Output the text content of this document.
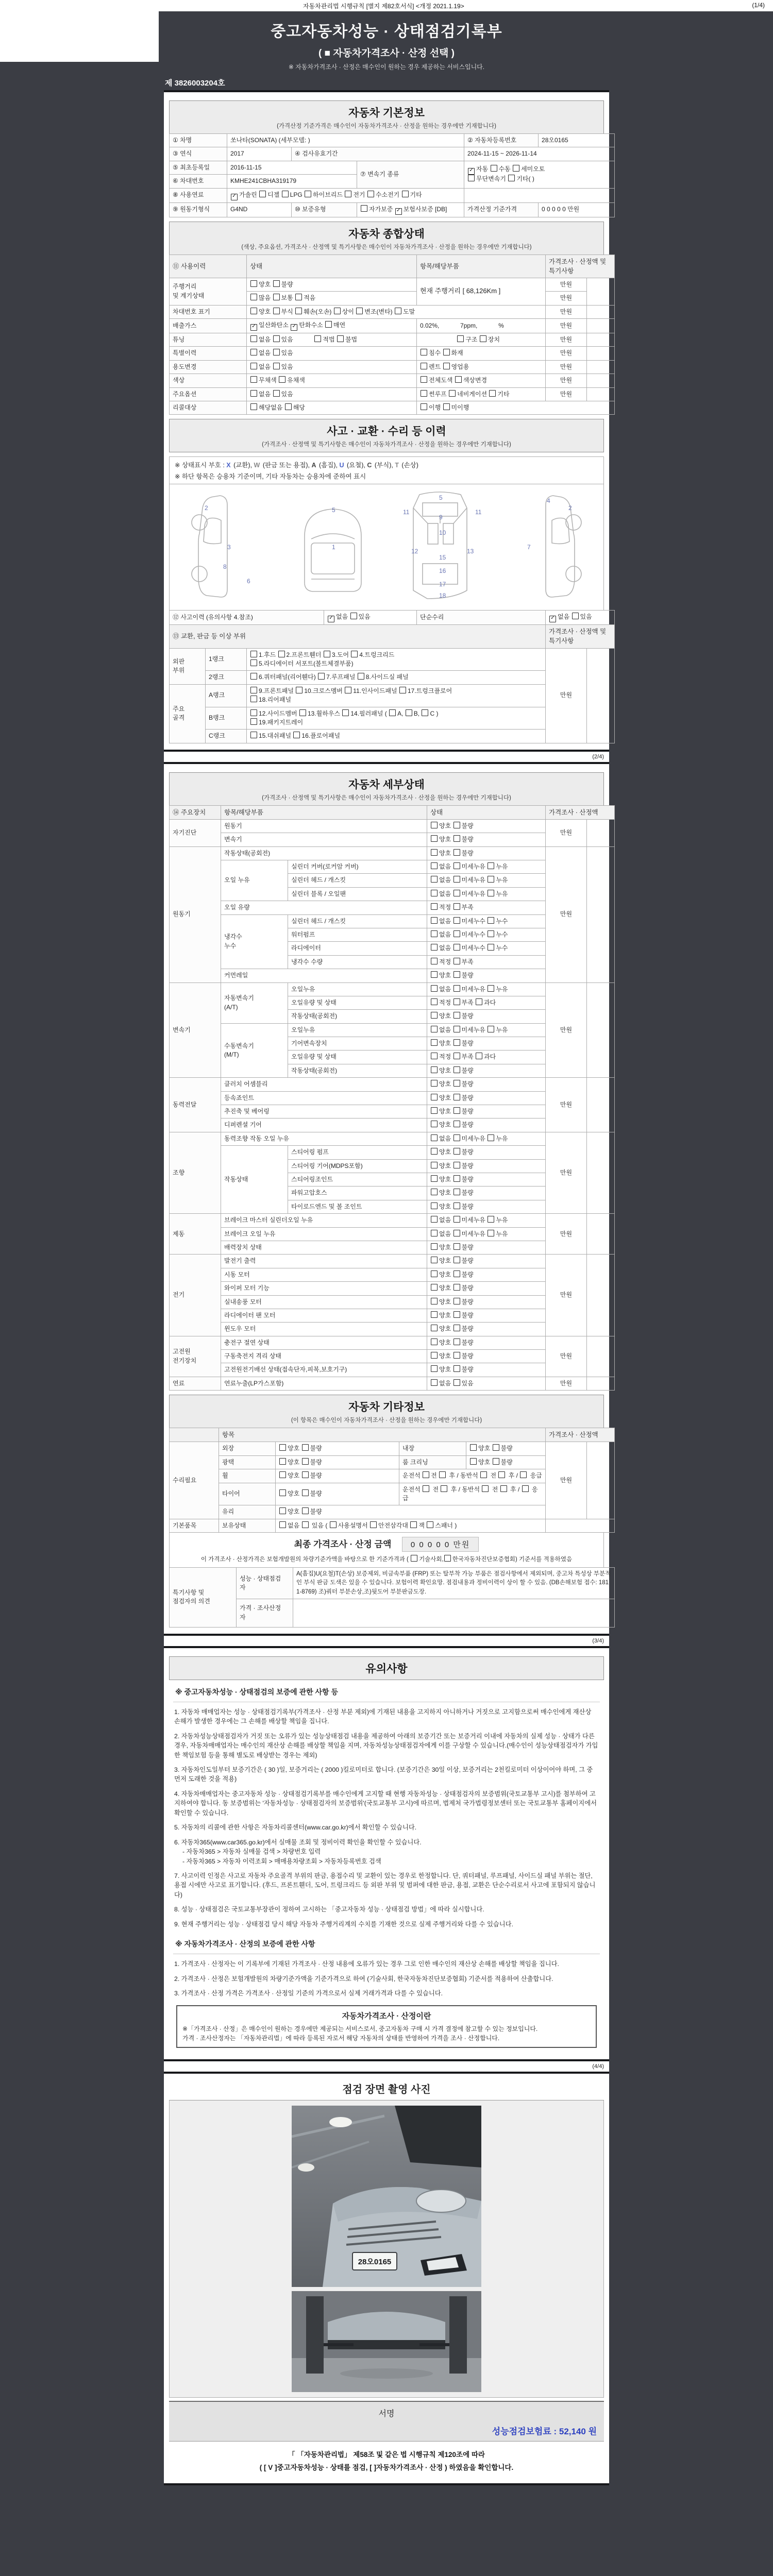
자동차관리법 시행규칙 [별지 제82호서식] <개정 2021.1.19>	(1/4)
중고자동차성능 · 상태점검기록부
( ■ 자동차가격조사 · 산정 선택 )
※ 자동차가격조사 · 산정은 매수인이 원하는 경우 제공하는 서비스입니다.
제 3826003204호
자동차 기본정보
(가격산정 기준가격은 매수인이 자동차가격조사 · 산정을 원하는 경우에만 기재합니다)
① 차명	쏘나타(SONATA) (세부모델: )			② 자동차등록번호	28오0165
③ 연식	2017	④ 검사유효기간		2024-11-15 ~ 2026-11-14	
⑤ 최초등록일	2016-11-15		⑦ 변속기 종류	✓자동 수동 세미오토
무단변속기 기타( )
⑥ 차대번호	KMHE241CBHA319179				
⑧ 사용연료	✓가솔린 디젤 LPG 하이브리드 전기 수소전기 기타	
⑨ 원동기형식	G4ND	⑩ 보증유형	자가보증 ✓보험사보증 [DB]	가격산정 기준가격	0 0 0 0 0 만원
자동차 종합상태
(색상, 주요옵션, 가격조사 · 산정액 및 특기사항은 매수인이 자동차가격조사 · 산정을 원하는 경우에만 기재합니다)
⑪ 사용이력	상태	항목/해당부품	가격조사 · 산정액 및 특기사항	
주행거리
및 계기상태	양호 불량	현재 주행거리 [ 68,126Km ]	만원	
	많음 보통 적음		만원	
차대번호 표기	양호 부식 훼손(오손) 상이 변조(변타) 도말		만원	
배출가스	✓일산화탄소 ✓탄화수소 매연	0.02%, 7ppm, %	만원	
튜닝	없음 있음 적법 불법	구조 장치	만원	
특별이력	없음 있음	침수 화재	만원	
용도변경	없음 있음	렌트 영업용	만원	
색상	무채색 유채색	전체도색 색상변경	만원	
주요옵션	없음 있음	썬루프 네비게이션 기타	만원	
리콜대상	해당없음 해당	이행 미이행		
사고 · 교환 · 수리 등 이력
(가격조사 · 산정액 및 특기사항은 매수인이 자동차가격조사 · 산정을 원하는 경우에만 기재합니다)
※ 상태표시 부호 : X (교환), W (판금 또는 용접), A (흠집), U (요철), C (부식), T (손상)
※ 하단 항목은 승용차 기준이며, 기타 자동차는 승용차에 준하여 표시
2
3
6
8
1
5	11	11
5
9
10
12	13
15
16
17
18
2
4
7
⑫ 사고이력 (유의사항 4.참조)	✓없음 있음	단순수리	✓없음 있음
⑬ 교환, 판금 등 이상 부위			가격조사 · 산정액 및 특기사항	
외판
부위	1랭크	1.후드 2.프론트휀더 3.도어 4.트렁크리드
5.라디에이터 서포트(볼트체결부품)	만원	
	2랭크	6.쿼터패널(리어휀다) 7.루프패널 8.사이드실 패널		
주요
골격	A랭크	9.프론트패널 10.크로스멤버 11.인사이드패널 17.트렁크플로어
18.리어패널		
	B랭크	12.사이드멤버 13.휠하우스 14.필러패널 ( A, B, C )
19.패키지트레이		
	C랭크	15.대쉬패널 16.플로어패널		
(2/4)
자동차 세부상태
(가격조사 · 산정액 및 특기사항은 매수인이 자동차가격조사 · 산정을 원하는 경우에만 기재합니다)
⑭ 주요장치	항목/해당부품		상태	가격조사 · 산정액	
자기진단	원동기		양호 불량	만원	
	변속기		양호 불량		
원동기	작동상태(공회전)		양호 불량	만원	
	오일 누유	실린더 커버(로커암 커버)	없음 미세누유 누유		
		실린더 헤드 / 개스킷	없음 미세누유 누유		
		실린더 블록 / 오일팬	없음 미세누유 누유		
	오일 유량		적정 부족		
	냉각수
누수	실린더 헤드 / 개스킷	없음 미세누수 누수		
		워터펌프	없음 미세누수 누수		
		라디에이터	없음 미세누수 누수		
		냉각수 수량	적정 부족		
	커먼레일		양호 불량		
변속기	자동변속기
(A/T)	오일누유	없음 미세누유 누유	만원	
		오일유량 및 상태	적정 부족 과다		
		작동상태(공회전)	양호 불량		
	수동변속기
(M/T)	오일누유	없음 미세누유 누유		
		기어변속장치	양호 불량		
		오일유량 및 상태	적정 부족 과다		
		작동상태(공회전)	양호 불량		
동력전달	클러치 어셈블리		양호 불량	만원	
	등속죠인트		양호 불량		
	추진축 및 베어링		양호 불량		
	디퍼렌셜 기어		양호 불량		
조향	동력조향 작동 오일 누유		없음 미세누유 누유	만원	
	작동상태	스티어링 펌프	양호 불량		
		스티어링 기어(MDPS포함)	양호 불량		
		스티어링조인트	양호 불량		
		파워고압호스	양호 불량		
		타이로드엔드 및 볼 조인트	양호 불량		
제동	브레이크 마스터 실린더오일 누유		없음 미세누유 누유	만원	
	브레이크 오일 누유		없음 미세누유 누유		
	배력장치 상태		양호 불량		
전기	발전기 출력		양호 불량	만원	
	시동 모터		양호 불량		
	와이퍼 모터 기능		양호 불량		
	실내송풍 모터		양호 불량		
	라디에이터 팬 모터		양호 불량		
	윈도우 모터		양호 불량		
고전원
전기장치	충전구 절연 상태		양호 불량	만원	
	구동축전지 격리 상태		양호 불량		
	고전원전기배선 상태(접속단자,피복,보호기구)		양호 불량		
연료	연료누출(LP가스포함)		없음 있음	만원	
자동차 기타정보
(이 항목은 매수인이 자동차가격조사 · 산정을 원하는 경우에만 기재합니다)
	항목				가격조사 · 산정액	
수리필요	외장	양호 불량	내장	양호 불량	만원	
	광택	양호 불량	룸 크리닝	양호 불량		
	휠	양호 불량	운전석 전  후 / 동반석  전  후 /  응급			
	타이어	양호 불량	운전석  전  후 / 동반석  전  후 /  응급			
	유리	양호 불량				
기본품목	보유상태	없음  있음 ( 사용설명서 안전삼각대 잭 스패너 )				
최종 가격조사 · 산정 금액 0 0 0 0 0 만원
이 가격조사 · 산정가격은 보험개발원의 차량기준가액을 바탕으로 한 기준가격과 ( 기술사회, 한국자동차진단보증협회) 기준서를 적용하였음
특기사항 및
점검자의 의견	성능 · 상태점검
자	A(흠집)U(요철)T(손상) 보증제외, 비금속부품 (FRP) 또는 탈부착 가능 부품은 점검사항에서 제외되며, 중고차 특성상 부분적인 부식 판금 도색은 있을 수 있습니다. 보험이력 확인요망. 점검내용과 정비이력이 상이 할 수 있음. (DB손해보험 접수: 1811-8769) 조)쿼터 부분손상,조)뒷도어 부분판금도장.
	가격 · 조사산정
자	
(3/4)
유의사항
※ 중고자동차성능 · 상태점검의 보증에 관한 사항 등
1. 자동차 매매업자는 성능 · 상태점검기록부(가격조사 · 산정 부분 제외)에 기재된 내용을 고지하지 아니하거나 거짓으로 고지함으로써 매수인에게 재산상 손해가 발생한 경우에는 그 손해를 배상할 책임을 집니다.
2. 자동차성능상태점검자가 거짓 또는 오류가 있는 성능상태점검 내용을 제공하여 아래의 보증기간 또는 보증거리 이내에 자동차의 실제 성능 · 상태가 다른 경우, 자동차매매업자는 매수인의 재산상 손해를 배상할 책임을 지며, 자동차성능상태점검자에게 이를 구상할 수 있습니다.(매수인이 성능상태점검자가 가입한 책임보험 등을 통해 별도로 배상받는 경우는 제외)
3. 자동차인도일부터 보증기간은 ( 30 )일, 보증거리는 ( 2000 )킬로미터로 합니다. (보증기간은 30일 이상, 보증거리는 2천킬로미터 이상이어야 하며, 그 중 먼저 도래한 것을 적용)
4. 자동차매매업자는 중고자동차 성능 · 상태점검기록부를 매수인에게 고지할 때 현행 자동차성능 · 상태점검자의 보증범위(국토교통부 고시)를 첨부하여 고지하여야 합니다. 동 보증범위는 '자동차성능 · 상태점검자의 보증범위'(국토교통부 고시)에 따르며, 법제처 국가법령정보센터 또는 국토교통부 홈페이지에서 확인할 수 있습니다.
5. 자동차의 리콜에 관한 사항은 자동차리콜센터(www.car.go.kr)에서 확인할 수 있습니다.
6. 자동차365(www.car365.go.kr)에서 실매물 조회 및 정비이력 확인을 확인할 수 있습니다.
- 자동차365 > 자동차 실매물 검색 > 차량번호 입력
- 자동차365 > 자동차 이력조회 > 매매용차량조회 > 자동차등록번호 검색
7. 사고이력 인정은 사고로 자동차 주요골격 부위의 판금, 용접수리 및 교환이 있는 경우로 한정합니다. 단, 쿼터패널, 루프패널, 사이드실 패널 부위는 절단, 용접 시에만 사고로 표기합니다. (후드, 프론트휀더, 도어, 트렁크리드 등 외판 부위 및 범퍼에 대한 판금, 용접, 교환은 단순수리로서 사고에 포함되지 않습니다)
8. 성능 · 상태점검은 국토교통부장관이 정하여 고시하는 「중고자동차 성능 · 상태점검 방법」에 따라 실시합니다.
9. 현재 주행거리는 성능 · 상태점검 당시 해당 자동차 주행거리계의 수치를 기재한 것으로 실제 주행거리와 다를 수 있습니다.
※ 자동차가격조사 · 산정의 보증에 관한 사항
1. 가격조사 · 산정자는 이 기록부에 기재된 가격조사 · 산정 내용에 오류가 있는 경우 그로 인한 매수인의 재산상 손해를 배상할 책임을 집니다.
2. 가격조사 · 산정은 보험개발원의 차량기준가액을 기준가격으로 하여 (기술사회, 한국자동차진단보증협회) 기준서를 적용하여 산출합니다.
3. 가격조사 · 산정 가격은 가격조사 · 산정일 기준의 가격으로서 실제 거래가격과 다를 수 있습니다.
자동차가격조사 · 산정이란
※「가격조사 · 산정」은 매수인이 원하는 경우에만 제공되는 서비스로서, 중고자동차 구매 시 가격 결정에 참고할 수 있는 정보입니다.
가격 · 조사산정자는 「자동차관리법」에 따라 등록된 자로서 해당 자동차의 상태를 반영하여 가격을 조사 · 산정합니다.
(4/4)
점검 장면 촬영 사진
28오0165
서명
성능점검보험료 : 52,140 원
「 「자동차관리법」 제58조 및 같은 법 시행규칙 제120조에 따라
( [ V ]중고자동차성능 · 상태를 점검, [ ]자동차가격조사 · 산정 ) 하였음을 확인합니다.
